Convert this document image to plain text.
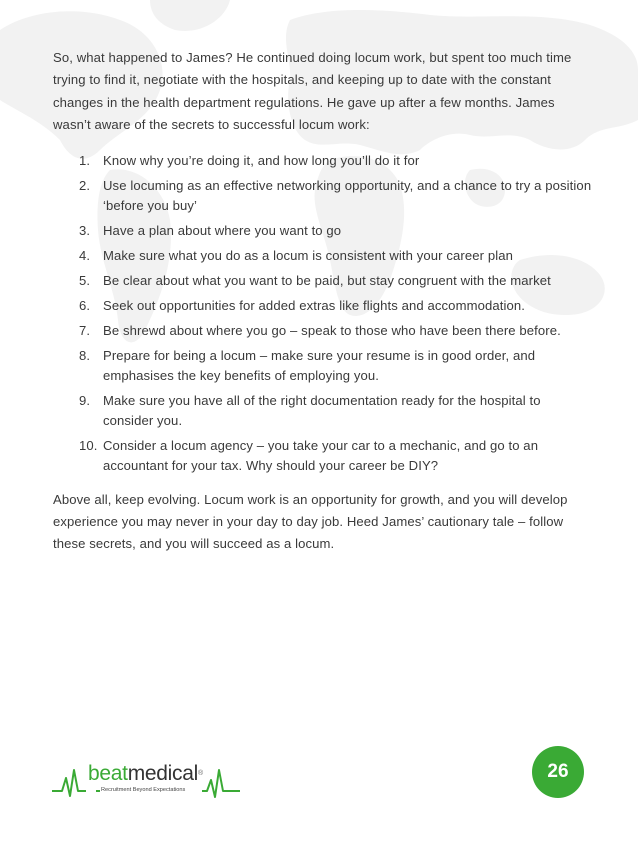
So, what happened to James? He continued doing locum work, but spent too much time trying to find it, negotiate with the hospitals, and keeping up to date with the constant changes in the health department regulations. He gave up after a few months. James wasn’t aware of the secrets to successful locum work:

1. Know why you’re doing it, and how long you’ll do it for
2. Use locuming as an effective networking opportunity, and a chance to try a position ‘before you buy’
3. Have a plan about where you want to go
4. Make sure what you do as a locum is consistent with your career plan
5. Be clear about what you want to be paid, but stay congruent with the market
6. Seek out opportunities for added extras like flights and accommodation.
7. Be shrewd about where you go – speak to those who have been there before.
8. Prepare for being a locum – make sure your resume is in good order, and emphasises the key benefits of employing you.
9. Make sure you have all of the right documentation ready for the hospital to consider you.
10. Consider a locum agency – you take your car to a mechanic, and go to an accountant for your tax. Why should your career be DIY?

Above all, keep evolving. Locum work is an opportunity for growth, and you will develop experience you may never in your day to day job. Heed James’ cautionary tale – follow these secrets, and you will succeed as a locum.

beatmedical®
Recruitment Beyond Expectations
26
